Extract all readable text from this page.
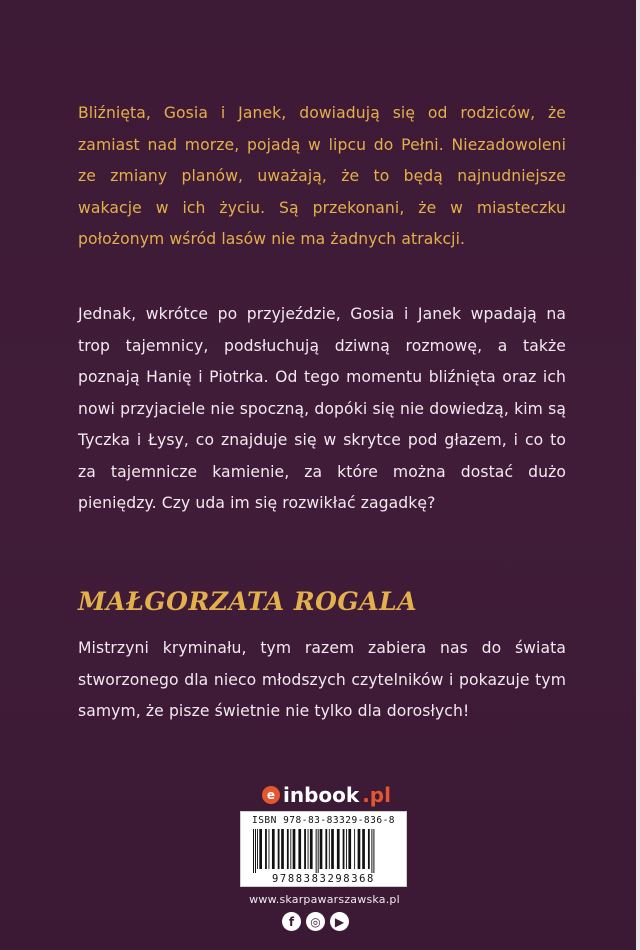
Bliźnięta, Gosia i Janek, dowiadują się od rodziców, że zamiast nad morze, pojadą w lipcu do Pełni. Niezadowoleni ze zmiany planów, uważają, że to będą najnudniejsze wakacje w ich życiu. Są przekonani, że w miasteczku położonym wśród lasów nie ma żadnych atrakcji.

Jednak, wkrótce po przyjeździe, Gosia i Janek wpadają na trop tajemnicy, podsłuchują dziwną rozmowę, a także poznają Hanię i Piotrka. Od tego momentu bliźnięta oraz ich nowi przyjaciele nie spoczną, dopóki się nie dowiedzą, kim są Tyczka i Łysy, co znajduje się w skrytce pod głazem, i co to za tajemnicze kamienie, za które można dostać dużo pieniędzy. Czy uda im się rozwikłać zagadkę?

MAŁGORZATA ROGALA

Mistrzyni kryminału, tym razem zabiera nas do świata stworzonego dla nieco młodszych czytelników i pokazuje tym samym, że pisze świetnie nie tylko dla dorosłych!

e inbook .pl
ISBN 978-83-83329-836-8
9788383298368
www.skarpawarszawska.pl
f	◎	▶
